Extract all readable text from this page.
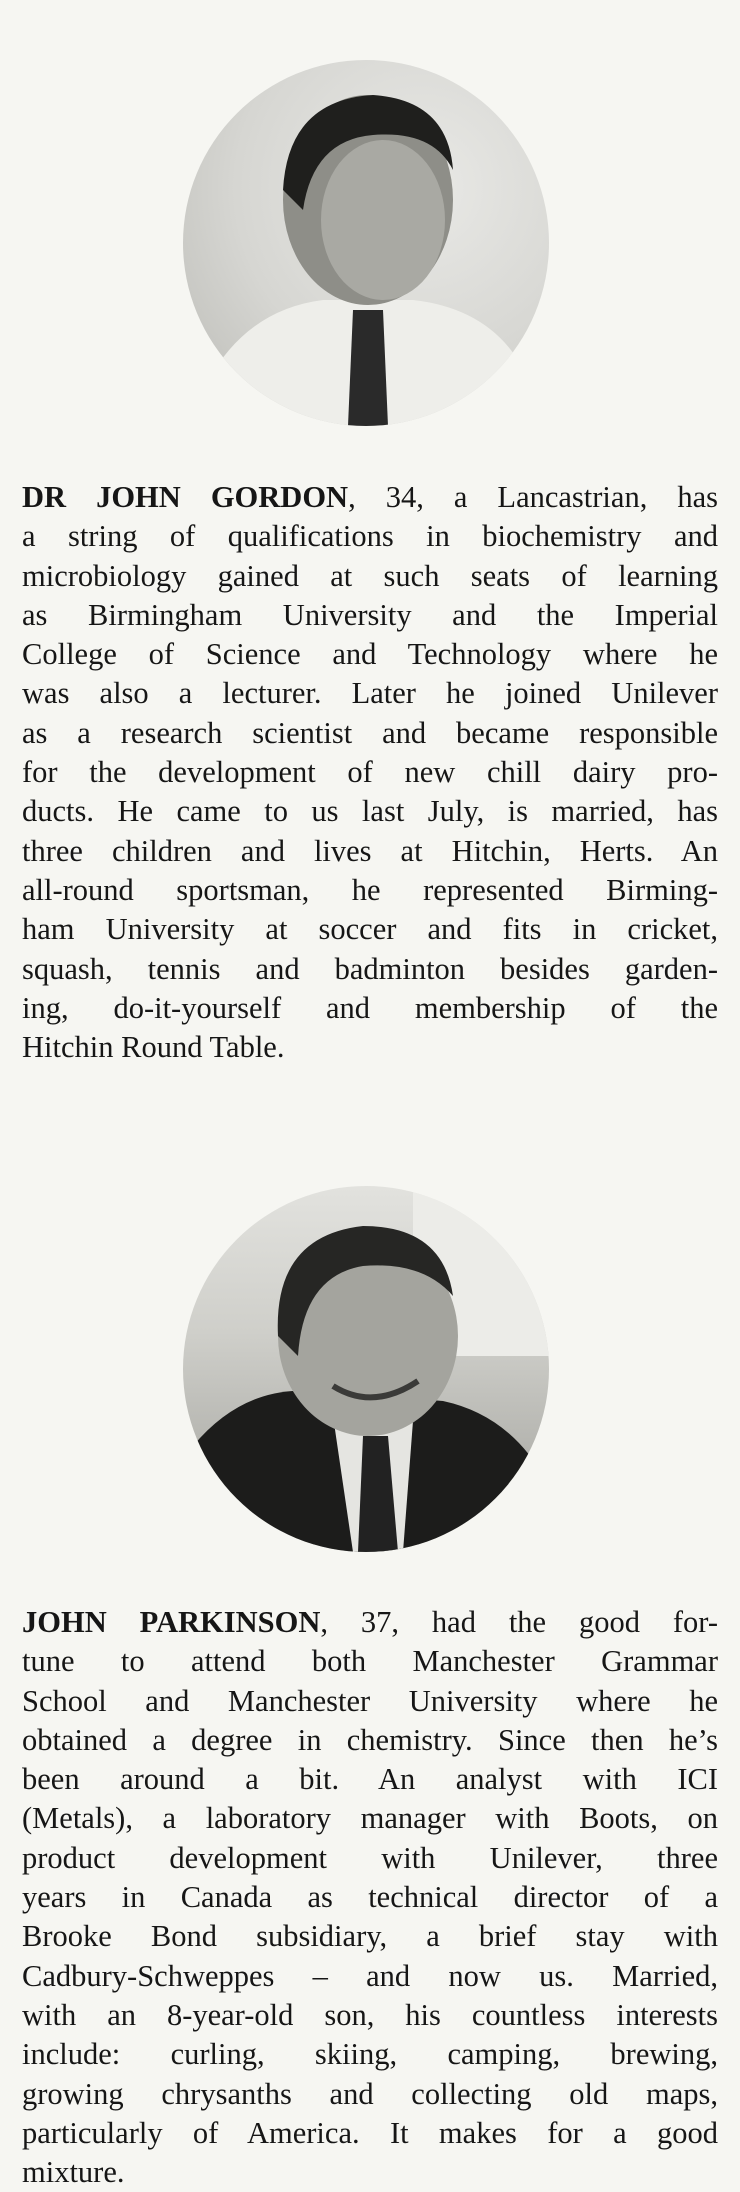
DR JOHN GORDON, 34, a Lancastrian, has
a string of qualifications in biochemistry and
microbiology gained at such seats of learning
as Birmingham University and the Imperial
College of Science and Technology where he
was also a lecturer. Later he joined Unilever
as a research scientist and became responsible
for the development of new chill dairy pro-
ducts. He came to us last July, is married, has
three children and lives at Hitchin, Herts. An
all-round sportsman, he represented Birming-
ham University at soccer and fits in cricket,
squash, tennis and badminton besides garden-
ing, do-it-yourself and membership of the
Hitchin Round Table.
JOHN PARKINSON, 37, had the good for-
tune to attend both Manchester Grammar
School and Manchester University where he
obtained a degree in chemistry. Since then he’s
been around a bit. An analyst with ICI
(Metals), a laboratory manager with Boots, on
product development with Unilever, three
years in Canada as technical director of a
Brooke Bond subsidiary, a brief stay with
Cadbury-Schweppes – and now us. Married,
with an 8-year-old son, his countless interests
include: curling, skiing, camping, brewing,
growing chrysanths and collecting old maps,
particularly of America. It makes for a good
mixture.
